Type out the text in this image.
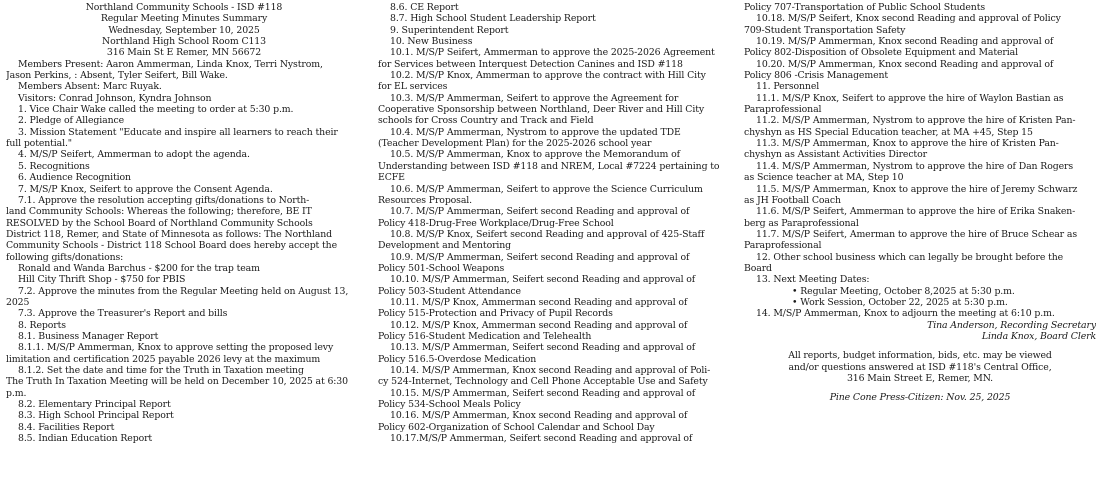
Northland Community Schools - ISD #118

Regular Meeting Minutes Summary

Wednesday, September 10, 2025

Northland High School Room C113

316 Main St E Remer, MN 56672

Members Present: Aaron Ammerman, Linda Knox, Terri Nystrom,

Jason Perkins, : Absent, Tyler Seifert, Bill Wake.

Members Absent: Marc Ruyak.

Visitors: Conrad Johnson, Kyndra Johnson

1. Vice Chair Wake called the meeting to order at 5:30 p.m.

2. Pledge of Allegiance

3. Mission Statement "Educate and inspire all learners to reach their

full potential."

4. M/S/P Seifert, Ammerman to adopt the agenda.

5. Recognitions

6. Audience Recognition

7. M/S/P Knox, Seifert to approve the Consent Agenda.

7.1. Approve the resolution accepting gifts/donations to North-

land Community Schools: Whereas the following; therefore, BE IT

RESOLVED by the School Board of Northland Community Schools

District 118, Remer, and State of Minnesota as follows: The Northland

Community Schools - District 118 School Board does hereby accept the

following gifts/donations:

Ronald and Wanda Barchus - $200 for the trap team

Hill City Thrift Shop - $750 for PBIS

7.2. Approve the minutes from the Regular Meeting held on August 13,

2025

7.3. Approve the Treasurer's Report and bills

8. Reports

8.1. Business Manager Report

8.1.1. M/S/P Ammerman, Knox to approve setting the proposed levy

limitation and certification 2025 payable 2026 levy at the maximum

8.1.2. Set the date and time for the Truth in Taxation meeting

The Truth In Taxation Meeting will be held on December 10, 2025 at 6:30

p.m.

8.2. Elementary Principal Report

8.3. High School Principal Report

8.4. Facilities Report

8.5. Indian Education Report

8.6. CE Report

8.7. High School Student Leadership Report

9. Superintendent Report

10. New Business

10.1. M/S/P Seifert, Ammerman to approve the 2025-2026 Agreement

for Services between Interquest Detection Canines and ISD #118

10.2. M/S/P Knox, Ammerman to approve the contract with Hill City

for EL services

10.3. M/S/P Ammerman, Seifert to approve the Agreement for

Cooperative Sponsorship between Northland, Deer River and Hill City

schools for Cross Country and Track and Field

10.4. M/S/P Ammerman, Nystrom to approve the updated TDE

(Teacher Development Plan) for the 2025-2026 school year

10.5. M/S/P Ammerman, Knox to approve the Memorandum of

Understanding between ISD #118 and NREM, Local #7224 pertaining to

ECFE

10.6. M/S/P Ammerman, Seifert to approve the Science Curriculum

Resources Proposal.

10.7. M/S/P Ammerman, Seifert second Reading and approval of

Policy 418-Drug-Free Workplace/Drug-Free School

10.8. M/S/P Knox, Seifert second Reading and approval of 425-Staff

Development and Mentoring

10.9. M/S/P Ammerman, Seifert second Reading and approval of

Policy 501-School Weapons

10.10. M/S/P Ammerman, Seifert second Reading and approval of

Policy 503-Student Attendance

10.11. M/S/P Knox, Ammerman second Reading and approval of

Policy 515-Protection and Privacy of Pupil Records

10.12. M/S/P Knox, Ammerman second Reading and approval of

Policy 516-Student Medication and Telehealth

10.13. M/S/P Ammerman, Seifert second Reading and approval of

Policy 516.5-Overdose Medication

10.14. M/S/P Ammerman, Knox second Reading and approval of Poli-

cy 524-Internet, Technology and Cell Phone Acceptable Use and Safety

10.15. M/S/P Ammerman, Seifert second Reading and approval of

Policy 534-School Meals Policy

10.16. M/S/P Ammerman, Knox second Reading and approval of

Policy 602-Organization of School Calendar and School Day

10.17.M/S/P Ammerman, Seifert second Reading and approval of

Policy 707-Transportation of Public School Students

10.18. M/S/P Seifert, Knox second Reading and approval of Policy

709-Student Transportation Safety

10.19. M/S/P Ammerman, Knox second Reading and approval of

Policy 802-Disposition of Obsolete Equipment and Material

10.20. M/S/P Ammerman, Knox second Reading and approval of

Policy 806 -Crisis Management

11. Personnel

11.1. M/S/P Knox, Seifert to approve the hire of Waylon Bastian as

Paraprofessional

11.2. M/S/P Ammerman, Nystrom to approve the hire of Kristen Pan-

chyshyn as HS Special Education teacher, at MA +45, Step 15

11.3. M/S/P Ammerman, Knox to approve the hire of Kristen Pan-

chyshyn as Assistant Activities Director

11.4. M/S/P Ammerman, Nystrom to approve the hire of Dan Rogers

as Science teacher at MA, Step 10

11.5. M/S/P Ammerman, Knox to approve the hire of Jeremy Schwarz

as JH Football Coach

11.6. M/S/P Seifert, Ammerman to approve the hire of Erika Snaken-

berg as Paraprofessional

11.7. M/S/P Seifert, Amerman to approve the hire of Bruce Schear as

Paraprofessional

12. Other school business which can legally be brought before the

Board

13. Next Meeting Dates:

• Regular Meeting, October 8,2025 at 5:30 p.m.

• Work Session, October 22, 2025 at 5:30 p.m.

14. M/S/P Ammerman, Knox to adjourn the meeting at 6:10 p.m.

Tina Anderson, Recording Secretary

Linda Knox, Board Clerk

All reports, budget information, bids, etc. may be viewed

and/or questions answered at ISD #118's Central Office,

316 Main Street E, Remer, MN.

Pine Cone Press-Citizen: Nov. 25, 2025
